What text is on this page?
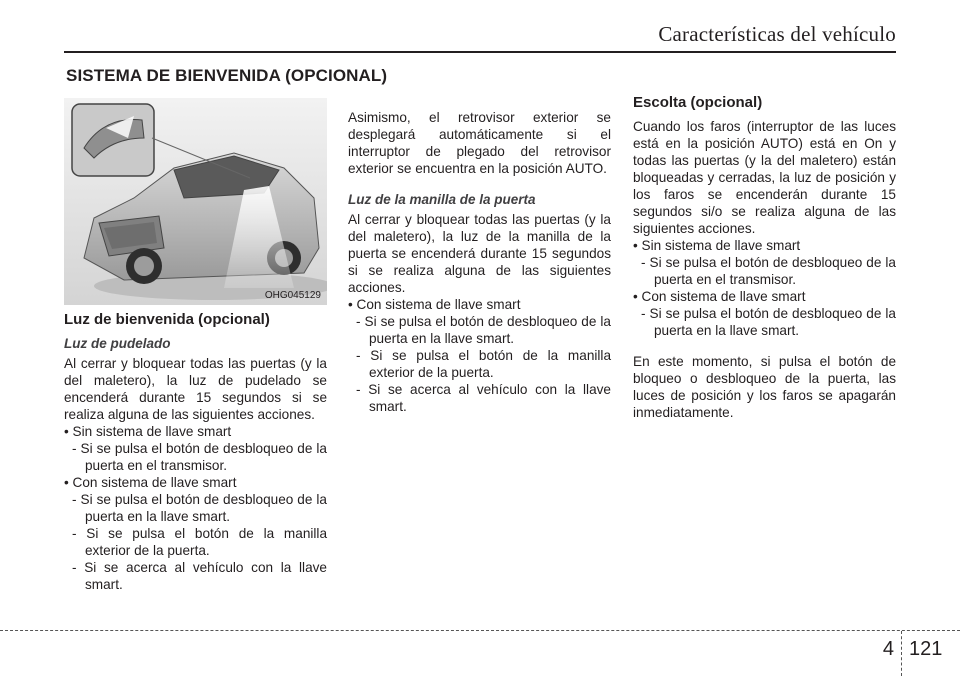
Características del vehículo
SISTEMA DE BIENVENIDA (OPCIONAL)
OHG045129
Luz de bienvenida (opcional)
Luz de pudelado

Al cerrar y bloquear todas las puertas (y la del maletero), la luz de pudelado se encenderá durante 15 segundos si se realiza alguna de las siguientes acciones.

• Sin sistema de llave smart

- Si se pulsa el botón de desbloqueo de la puerta en el transmisor.

• Con sistema de llave smart

- Si se pulsa el botón de desbloqueo de la puerta en la llave smart.

- Si se pulsa el botón de la manilla exterior de la puerta.

- Si se acerca al vehículo con la llave smart.

Asimismo, el retrovisor exterior se desplegará automáticamente si el interruptor de plegado del retrovisor exterior se encuentra en la posición AUTO.

Luz de la manilla de la puerta

Al cerrar y bloquear todas las puertas (y la del maletero), la luz de la manilla de la puerta se encenderá durante 15 segundos si se realiza alguna de las siguientes acciones.

• Con sistema de llave smart

- Si se pulsa el botón de desbloqueo de la puerta en la llave smart.

- Si se pulsa el botón de la manilla exterior de la puerta.

- Si se acerca al vehículo con la llave smart.

Escolta (opcional)

Cuando los faros (interruptor de las luces está en la posición AUTO) está en On y todas las puertas (y la del maletero) están bloqueadas y cerradas, la luz de posición y los faros se encenderán durante 15 segundos si/o se realiza alguna de las siguientes acciones.

• Sin sistema de llave smart

- Si se pulsa el botón de desbloqueo de la puerta en el transmisor.

• Con sistema de llave smart

- Si se pulsa el botón de desbloqueo de la puerta en la llave smart.

En este momento, si pulsa el botón de bloqueo o desbloqueo de la puerta, las luces de posición y los faros se apagarán inmediatamente.

4 121
